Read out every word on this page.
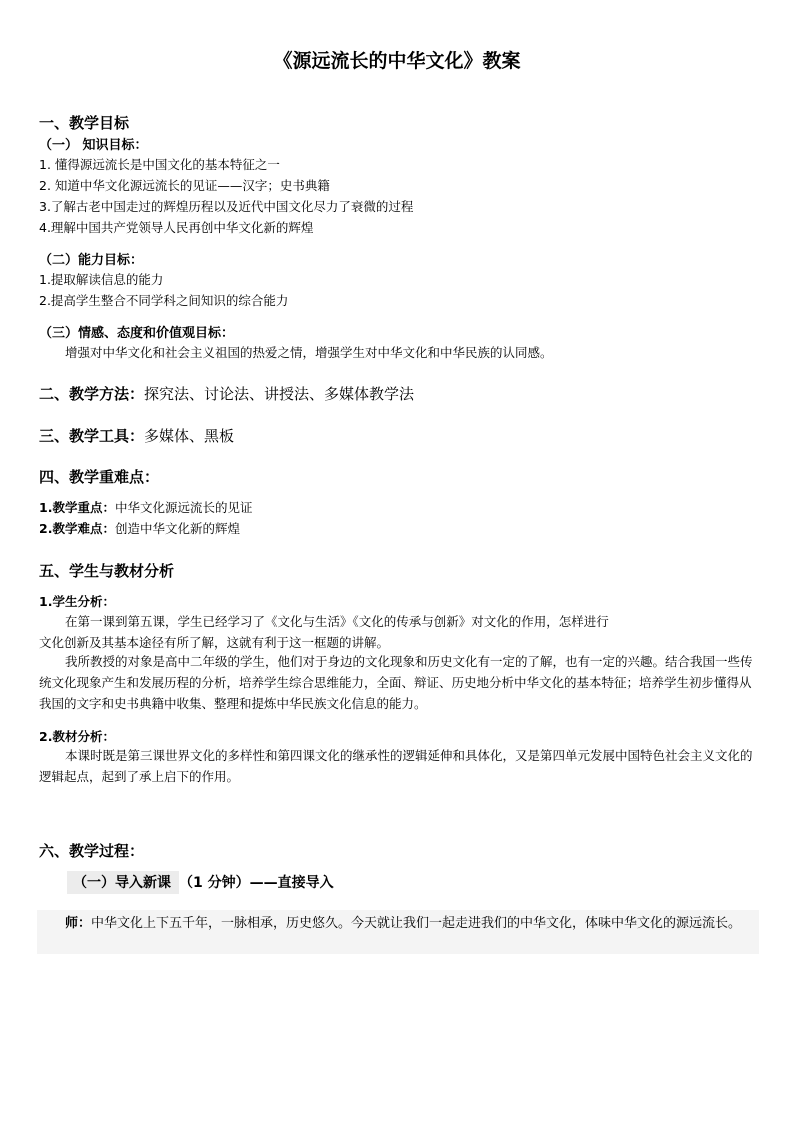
《源远流长的中华文化》教案
一、教学目标
（一） 知识目标：
1. 懂得源远流长是中国文化的基本特征之一
2. 知道中华文化源远流长的见证——汉字；史书典籍
3.了解古老中国走过的辉煌历程以及近代中国文化尽力了衰微的过程
4.理解中国共产党领导人民再创中华文化新的辉煌
（二）能力目标：
1.提取解读信息的能力
2.提高学生整合不同学科之间知识的综合能力
（三）情感、态度和价值观目标：
增强对中华文化和社会主义祖国的热爱之情，增强学生对中华文化和中华民族的认同感。
二、教学方法：探究法、讨论法、讲授法、多媒体教学法
三、教学工具：多媒体、黑板
四、教学重难点：
1.教学重点：中华文化源远流长的见证
2.教学难点：创造中华文化新的辉煌
五、学生与教材分析
1.学生分析：
在第一课到第五课，学生已经学习了《文化与生活》《文化的传承与创新》对文化的作用，怎样进行
文化创新及其基本途径有所了解，这就有利于这一框题的讲解。
我所教授的对象是高中二年级的学生，他们对于身边的文化现象和历史文化有一定的了解，也有一定的兴趣。结合我国一些传统文化现象产生和发展历程的分析，培养学生综合思维能力，全面、辩证、历史地分析中华文化的基本特征；培养学生初步懂得从我国的文字和史书典籍中收集、整理和提炼中华民族文化信息的能力。
2.教材分析：
本课时既是第三课世界文化的多样性和第四课文化的继承性的逻辑延伸和具体化，又是第四单元发展中国特色社会主义文化的逻辑起点，起到了承上启下的作用。
六、教学过程：
（一）导入新课 （1 分钟）——直接导入
师：中华文化上下五千年，一脉相承，历史悠久。今天就让我们一起走进我们的中华文化，体味中华文化的源远流长。
